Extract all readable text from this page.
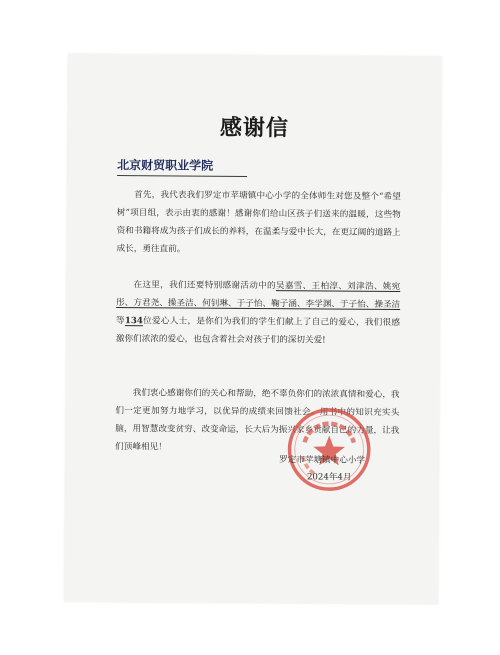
感谢信
北京财贸职业学院

首先，我代表我们罗定市苹塘镇中心小学的全体师生对您及整个“希望树”项目组，表示由衷的感谢！感谢你们给山区孩子们送来的温暖，这些物资和书籍将成为孩子们成长的养料，在温柔与爱中长大，在更辽阔的道路上成长，勇往直前。

在这里，我们还要特别感谢活动中的吴嘉雪、王柏淳、刘津浩、姚宛彤、方君尧、操圣洁、何钊琳、于子怡、鞠子涵、李学渊、于子怡、操圣洁等134位爱心人士，是你们为我们的学生们献上了自己的爱心，我们很感激你们浓浓的爱心，也包含着社会对孩子们的深切关爱!

我们衷心感谢你们的关心和帮助，绝不辜负你们的浓浓真情和爱心，我们一定更加努力地学习，以优异的成绩来回馈社会。用书中的知识充实头脑，用智慧改变贫穷、改变命运，长大后为振兴家乡贡献自己的力量，让我们顶峰相见！

罗定市苹塘镇中心小学
2024年4月
